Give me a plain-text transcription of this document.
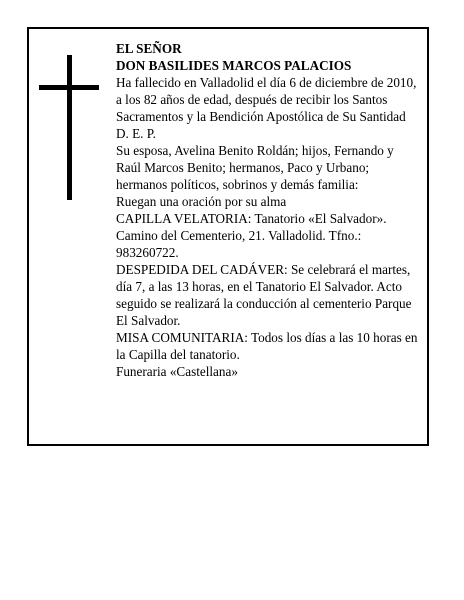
EL SEÑOR

DON BASILIDES MARCOS PALACIOS

Ha fallecido en Valladolid el día 6 de diciembre de 2010, a los 82 años de edad, después de recibir los Santos Sacramentos y la Bendición Apostólica de Su Santidad

D. E. P.

Su esposa, Avelina Benito Roldán; hijos, Fernando y Raúl Marcos Benito; hermanos, Paco y Urbano; hermanos políticos, sobrinos y demás familia:

Ruegan una oración por su alma

CAPILLA VELATORIA: Tanatorio «El Salvador». Camino del Cementerio, 21. Valladolid. Tfno.: 983260722.

DESPEDIDA DEL CADÁVER: Se celebrará el martes, día 7, a las 13 horas, en el Tanatorio El Salvador. Acto seguido se realizará la conducción al cementerio Parque El Salvador.

MISA COMUNITARIA: Todos los días a las 10 horas en la Capilla del tanatorio.

Funeraria «Castellana»
